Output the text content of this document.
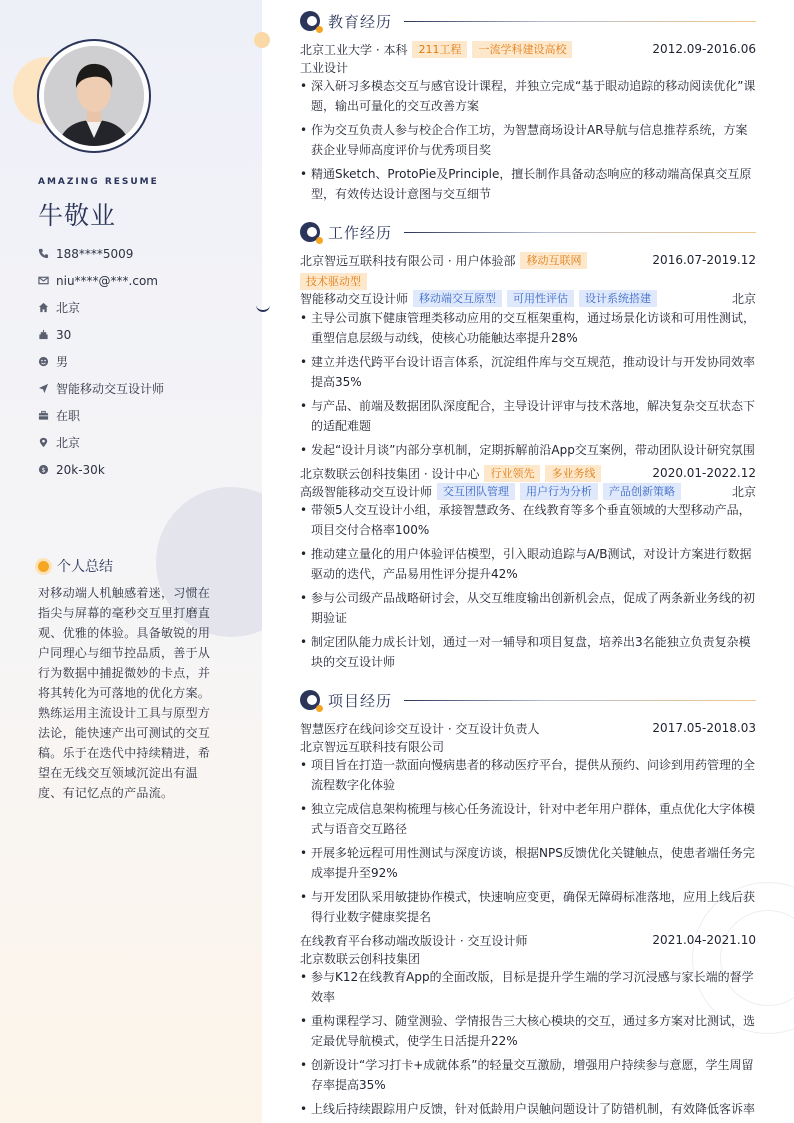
AMAZING RESUME
牛敬业
188****5009
niu****@***.com
北京
30
男
智能移动交互设计师
在职
北京
$ 20k-30k
个人总结
对移动端人机触感着迷，习惯在指尖与屏幕的毫秒交互里打磨直观、优雅的体验。具备敏锐的用户同理心与细节控品质，善于从行为数据中捕捉微妙的卡点，并将其转化为可落地的优化方案。熟练运用主流设计工具与原型方法论，能快速产出可测试的交互稿。乐于在迭代中持续精进，希望在无线交互领域沉淀出有温度、有记忆点的产品流。
教育经历
北京工业大学 · 本科	211工程	一流学科建设高校	2012.09-2016.06
工业设计
• 深入研习多模态交互与感官设计课程，并独立完成“基于眼动追踪的移动阅读优化”课题，输出可量化的交互改善方案
• 作为交互负责人参与校企合作工坊，为智慧商场设计AR导航与信息推荐系统，方案获企业导师高度评价与优秀项目奖
• 精通Sketch、ProtoPie及Principle，擅长制作具备动态响应的移动端高保真交互原型，有效传达设计意图与交互细节
工作经历
北京智远互联科技有限公司 · 用户体验部	移动互联网	2016.07-2019.12
技术驱动型
智能移动交互设计师	移动端交互原型	可用性评估	设计系统搭建	北京
• 主导公司旗下健康管理类移动应用的交互框架重构，通过场景化访谈和可用性测试，重塑信息层级与动线，使核心功能触达率提升28%
• 建立并迭代跨平台设计语言体系，沉淀组件库与交互规范，推动设计与开发协同效率提高35%
• 与产品、前端及数据团队深度配合，主导设计评审与技术落地，解决复杂交互状态下的适配难题
• 发起“设计月谈”内部分享机制，定期拆解前沿App交互案例，带动团队设计研究氛围
北京数联云创科技集团 · 设计中心	行业领先	多业务线	2020.01-2022.12
高级智能移动交互设计师	交互团队管理	用户行为分析	产品创新策略	北京
• 带领5人交互设计小组，承接智慧政务、在线教育等多个垂直领域的大型移动产品，项目交付合格率100%
• 推动建立量化的用户体验评估模型，引入眼动追踪与A/B测试，对设计方案进行数据驱动的迭代，产品易用性评分提升42%
• 参与公司级产品战略研讨会，从交互维度输出创新机会点，促成了两条新业务线的初期验证
• 制定团队能力成长计划，通过一对一辅导和项目复盘，培养出3名能独立负责复杂模块的交互设计师
项目经历
智慧医疗在线问诊交互设计 · 交互设计负责人	2017.05-2018.03
北京智远互联科技有限公司
• 项目旨在打造一款面向慢病患者的移动医疗平台，提供从预约、问诊到用药管理的全流程数字化体验
• 独立完成信息架构梳理与核心任务流设计，针对中老年用户群体，重点优化大字体模式与语音交互路径
• 开展多轮远程可用性测试与深度访谈，根据NPS反馈优化关键触点，使患者端任务完成率提升至92%
• 与开发团队采用敏捷协作模式，快速响应变更，确保无障碍标准落地，应用上线后获得行业数字健康奖提名
在线教育平台移动端改版设计 · 交互设计师	2021.04-2021.10
北京数联云创科技集团
• 参与K12在线教育App的全面改版，目标是提升学生端的学习沉浸感与家长端的督学效率
• 重构课程学习、随堂测验、学情报告三大核心模块的交互，通过多方案对比测试，选定最优导航模式，使学生日活提升22%
• 创新设计“学习打卡+成就体系”的轻量交互激励，增强用户持续参与意愿，学生周留存率提高35%
• 上线后持续跟踪用户反馈，针对低龄用户误触问题设计了防错机制，有效降低客诉率
